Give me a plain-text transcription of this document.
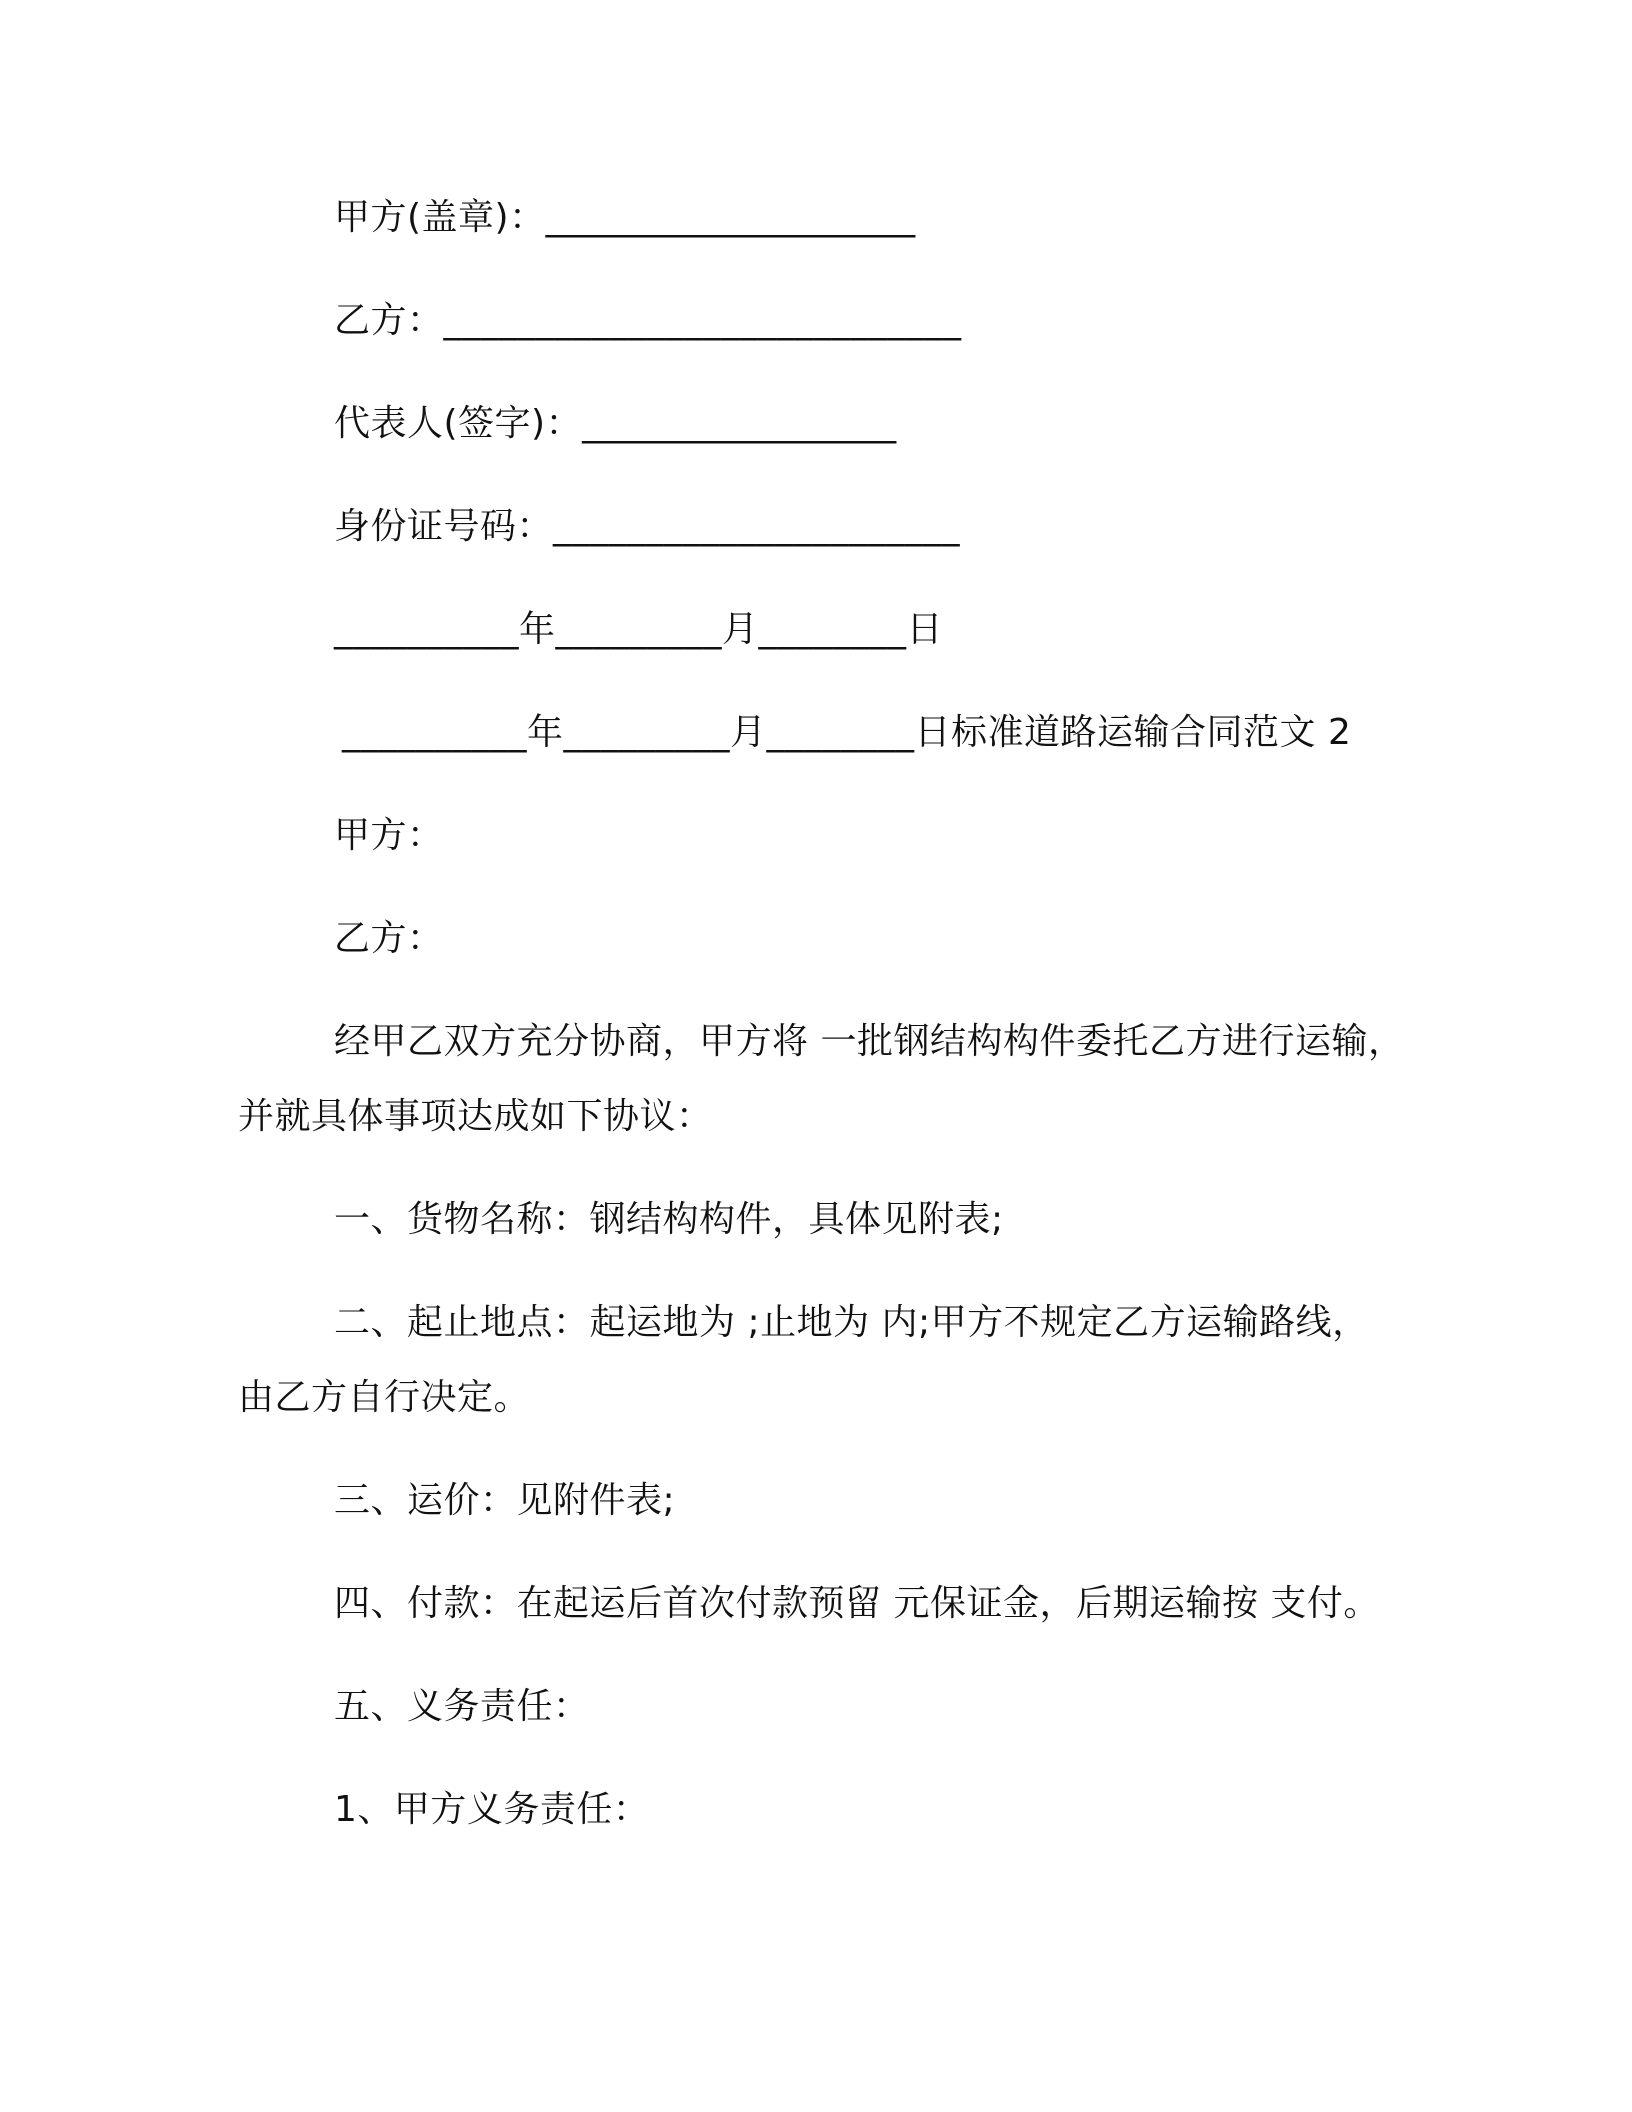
甲方(盖章)：____________________
乙方：____________________________
代表人(签字)：_________________
身份证号码：______________________
__________年_________月________日
__________年_________月________日标准道路运输合同范文 2
甲方：
乙方：
经甲乙双方充分协商，甲方将 一批钢结构构件委托乙方进行运输，
并就具体事项达成如下协议：
一、货物名称：钢结构构件，具体见附表;
二、起止地点：起运地为 ;止地为 内;甲方不规定乙方运输路线，
由乙方自行决定。
三、运价：见附件表;
四、付款：在起运后首次付款预留 元保证金，后期运输按 支付。
五、义务责任：
1、甲方义务责任：
